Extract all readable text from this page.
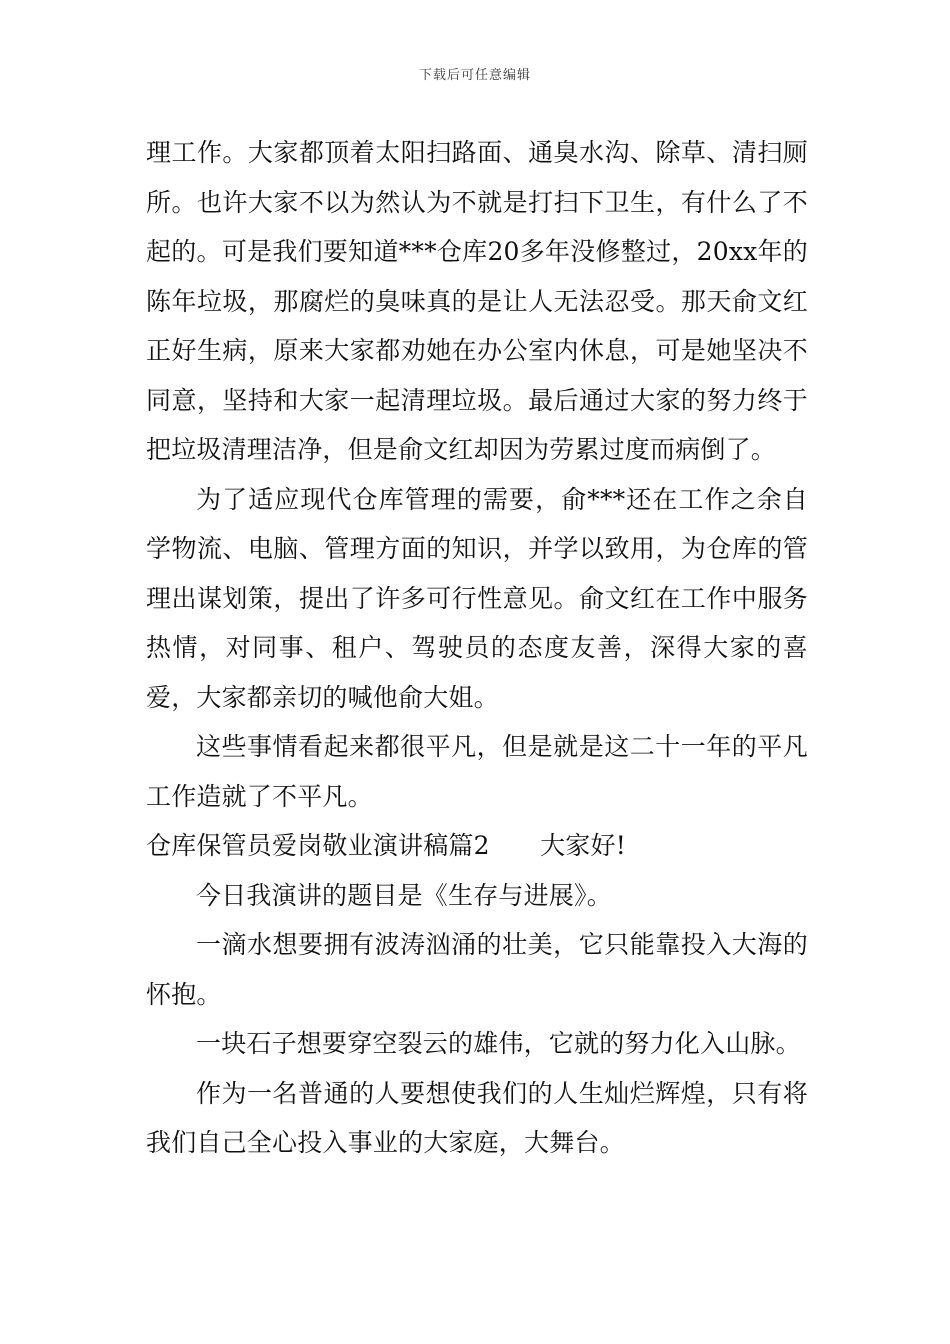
下载后可任意编辑

理工作。大家都顶着太阳扫路面、通臭水沟、除草、清扫厕所。也许大家不以为然认为不就是打扫下卫生，有什么了不起的。可是我们要知道***仓库20多年没修整过，20xx年的陈年垃圾，那腐烂的臭味真的是让人无法忍受。那天俞文红正好生病，原来大家都劝她在办公室内休息，可是她坚决不同意，坚持和大家一起清理垃圾。最后通过大家的努力终于把垃圾清理洁净，但是俞文红却因为劳累过度而病倒了。

为了适应现代仓库管理的需要，俞***还在工作之余自学物流、电脑、管理方面的知识，并学以致用，为仓库的管理出谋划策，提出了许多可行性意见。俞文红在工作中服务热情，对同事、租户、驾驶员的态度友善，深得大家的喜爱，大家都亲切的喊他俞大姐。

这些事情看起来都很平凡，但是就是这二十一年的平凡工作造就了不平凡。

仓库保管员爱岗敬业演讲稿篇2　　大家好!

今日我演讲的题目是《生存与进展》。

一滴水想要拥有波涛汹涌的壮美，它只能靠投入大海的怀抱。

一块石子想要穿空裂云的雄伟，它就的努力化入山脉。

作为一名普通的人要想使我们的人生灿烂辉煌，只有将我们自己全心投入事业的大家庭，大舞台。
